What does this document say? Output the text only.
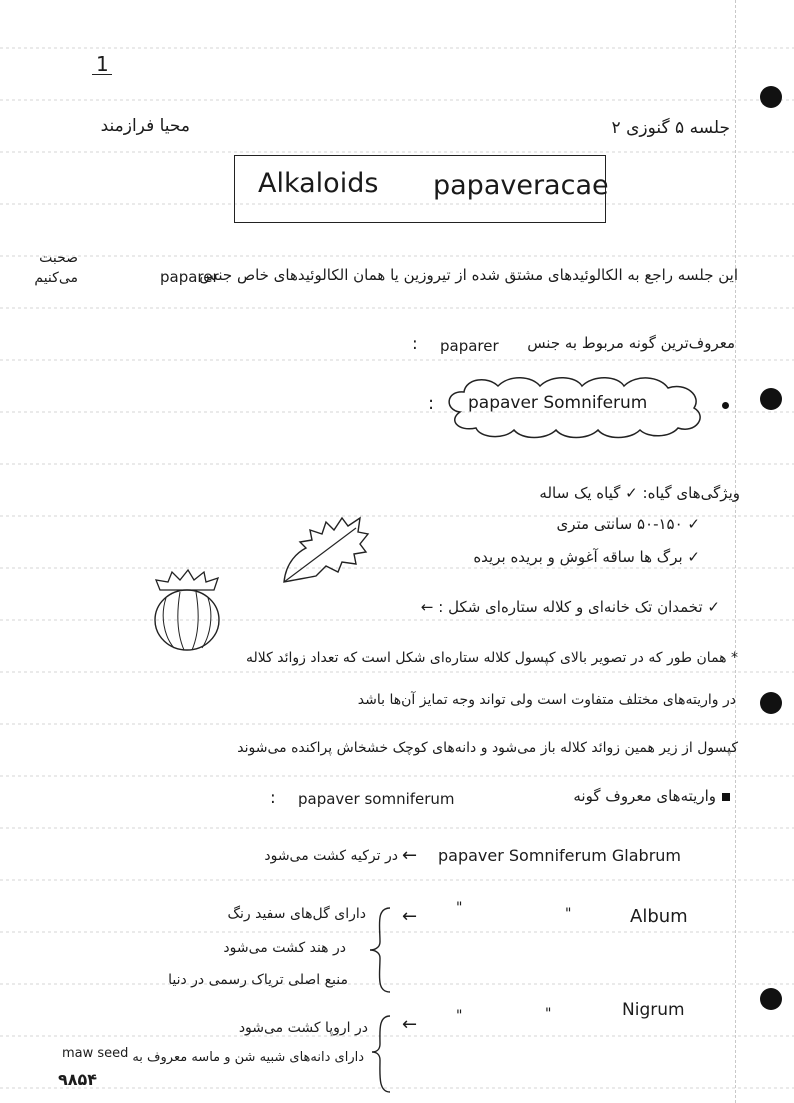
1
جلسه ۵ گنوزی ۲
محیا فرازمند
Alkaloids papaveracae
paparer
صحبت می‌کنیم	این جلسه راجع به الکالوئیدهای مشتق شده از تیروزین یا همان الکالوئیدهای خاص جنس
: paparer معروف‌ترین گونه مربوط به جنس
papaver Somniferum
:
ویژگی‌های گیاه: ✓ گیاه یک ساله
✓ ۵۰-۱۵۰ سانتی متری
✓ برگ ها ساقه آغوش و بریده بریده
✓ تخمدان تک خانه‌ای و کلاله ستاره‌ای شکل : ←
* همان طور که در تصویر بالای کپسول کلاله ستاره‌ای شکل است که تعداد زوائد کلاله
در واریته‌های مختلف متفاوت است ولی تواند وجه تمایز آن‌ها باشد
کپسول از زیر همین زوائد کلاله باز می‌شود و دانه‌های کوچک خشخاش پراکنده می‌شوند
واریته‌های معروف گونه
papaver somniferum
:
papaver Somniferum Glabrum
←
در ترکیه کشت می‌شود
Album
"
"
←
دارای گل‌های سفید رنگ
در هند کشت می‌شود
منبع اصلی تریاک رسمی در دنیا
Nigrum
"
"
←
در اروپا کشت می‌شود
دارای دانه‌های شبیه شن و ماسه معروف به
maw seed
۹۸۵۴
